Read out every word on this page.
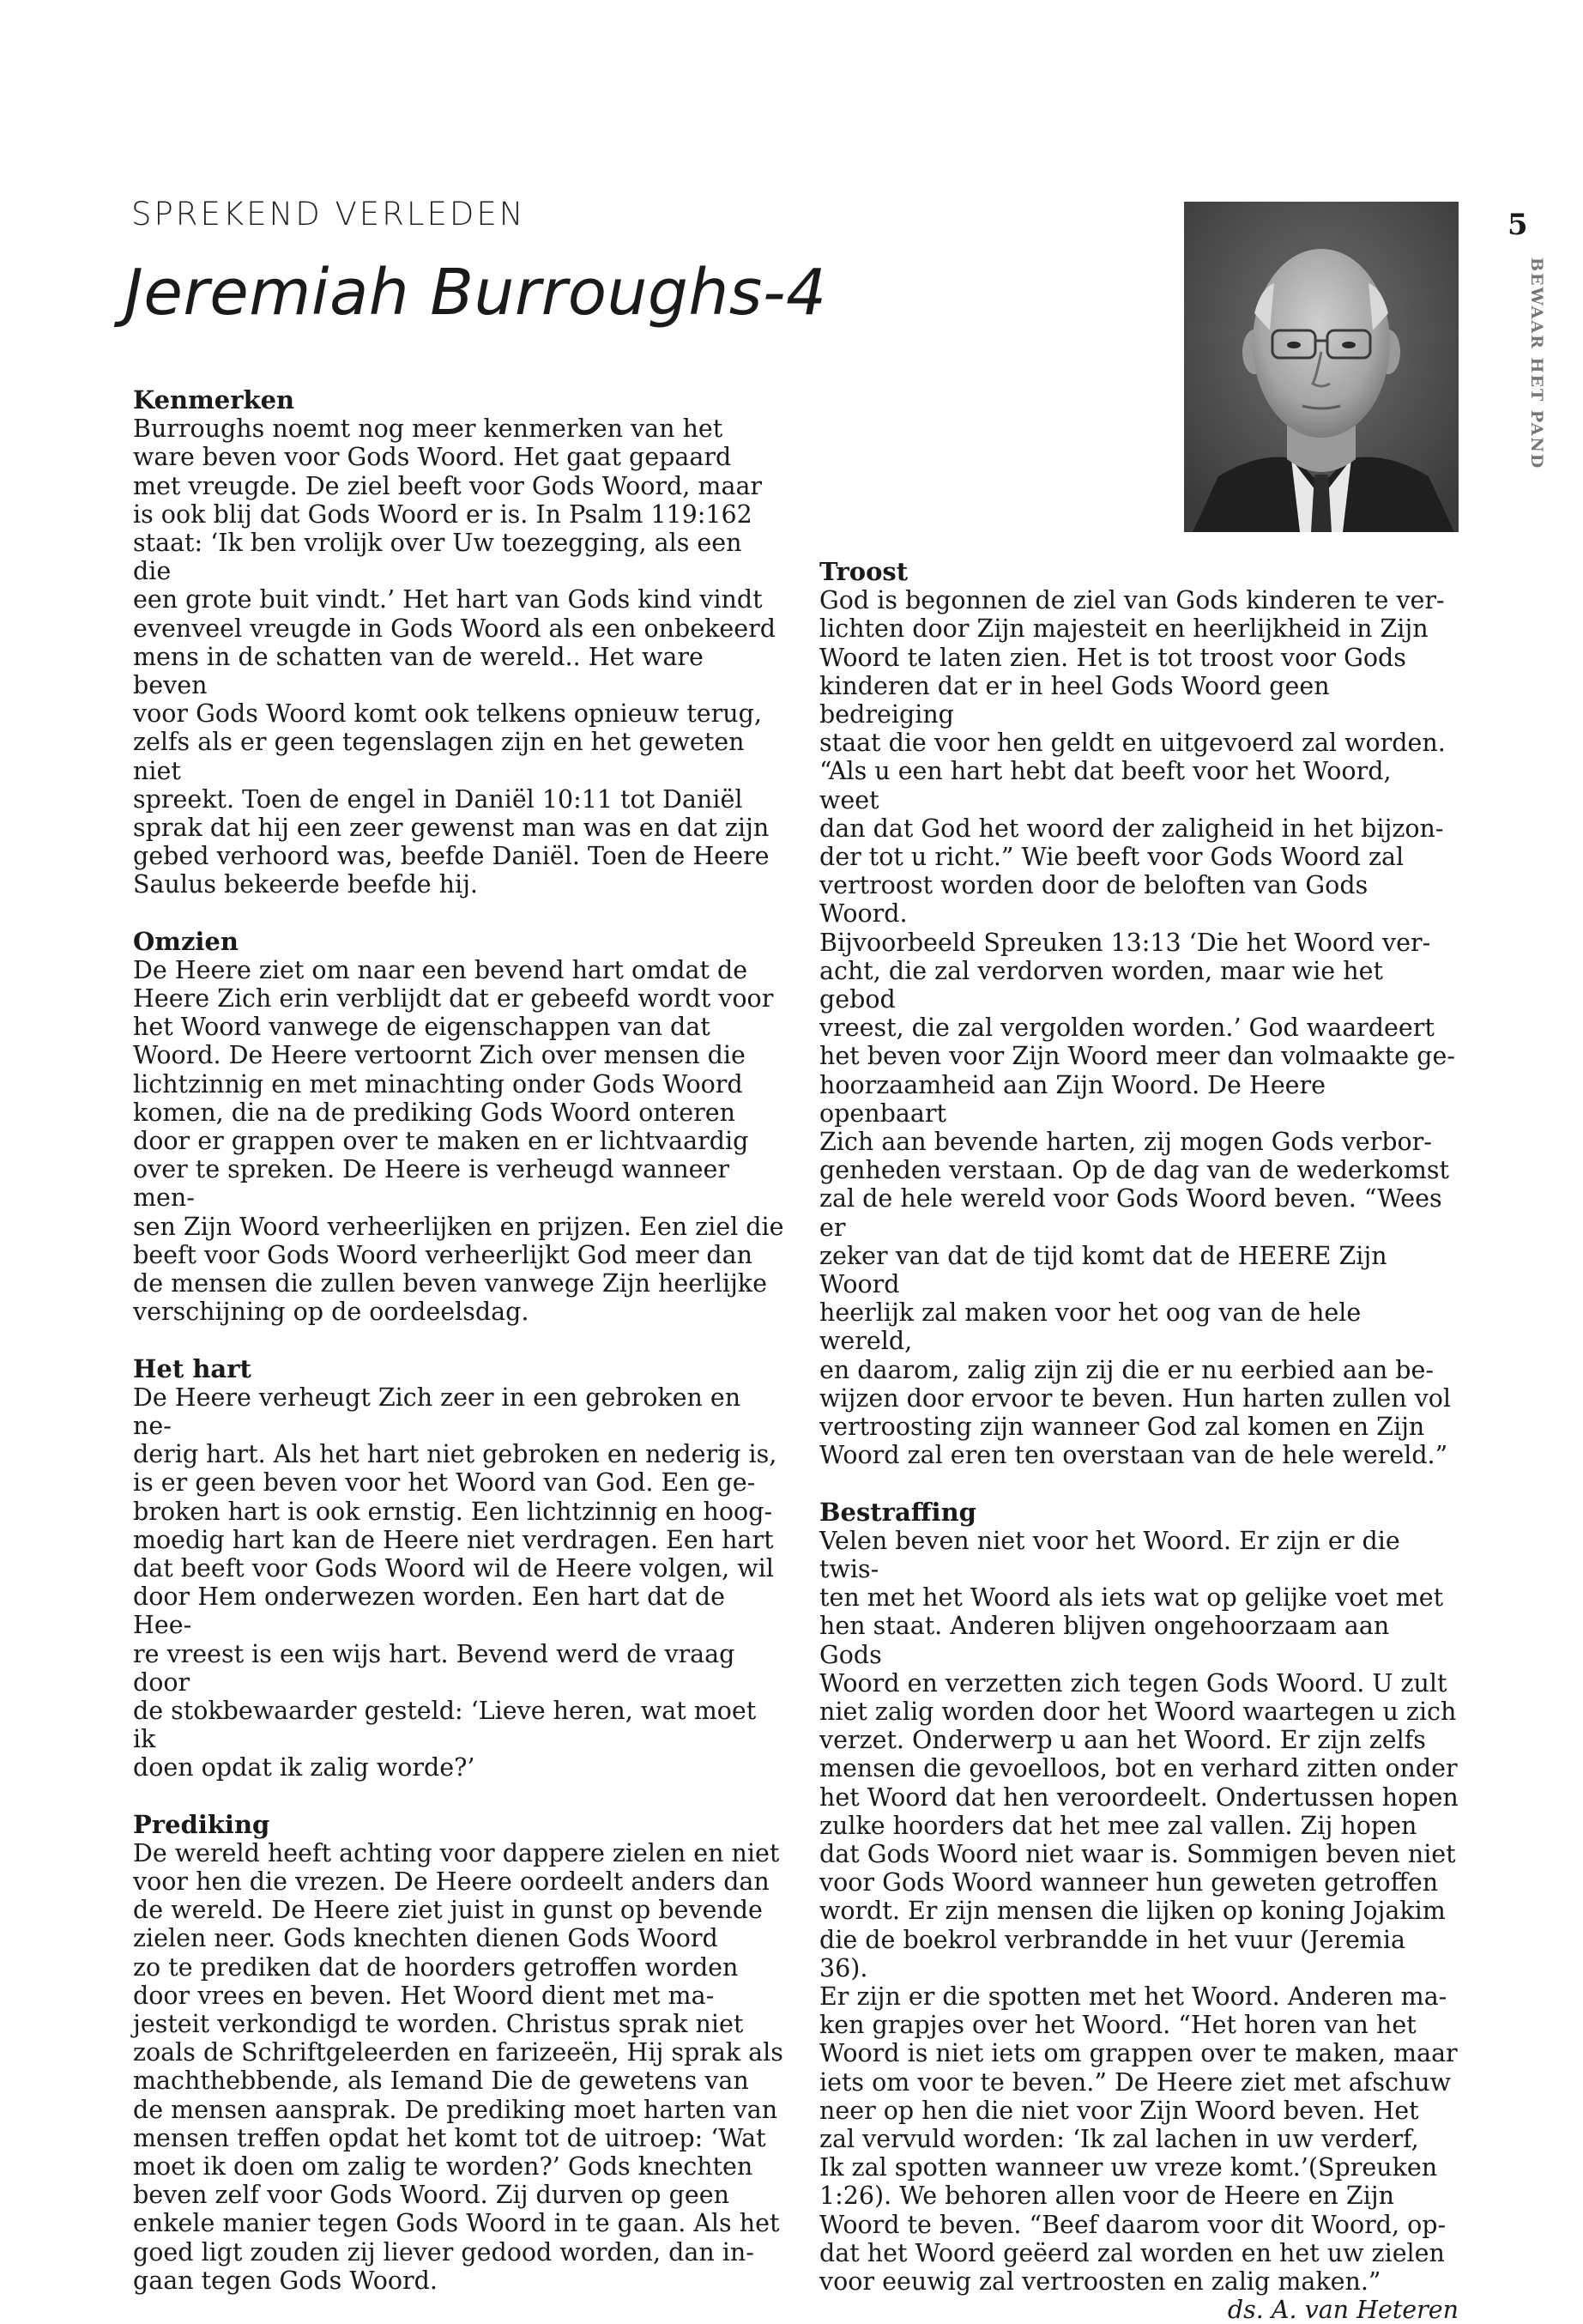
SPREKEND VERLEDEN
Jeremiah Burroughs-4
5
BEWAAR HET PAND
Kenmerken

Burroughs noemt nog meer kenmerken van het
ware beven voor Gods Woord. Het gaat gepaard
met vreugde. De ziel beeft voor Gods Woord, maar
is ook blij dat Gods Woord er is. In Psalm 119:162
staat: ‘Ik ben vrolijk over Uw toezegging, als een die
een grote buit vindt.’ Het hart van Gods kind vindt
evenveel vreugde in Gods Woord als een onbekeerd
mens in de schatten van de wereld.. Het ware beven
voor Gods Woord komt ook telkens opnieuw terug,
zelfs als er geen tegenslagen zijn en het geweten niet
spreekt. Toen de engel in Daniël 10:11 tot Daniël
sprak dat hij een zeer gewenst man was en dat zijn
gebed verhoord was, beefde Daniël. Toen de Heere
Saulus bekeerde beefde hij.

Omzien

De Heere ziet om naar een bevend hart omdat de
Heere Zich erin verblijdt dat er gebeefd wordt voor
het Woord vanwege de eigenschappen van dat
Woord. De Heere vertoornt Zich over mensen die
lichtzinnig en met minachting onder Gods Woord
komen, die na de prediking Gods Woord onteren
door er grappen over te maken en er lichtvaardig
over te spreken. De Heere is verheugd wanneer men-
sen Zijn Woord verheerlijken en prijzen. Een ziel die
beeft voor Gods Woord verheerlijkt God meer dan
de mensen die zullen beven vanwege Zijn heerlijke
verschijning op de oordeelsdag.

Het hart

De Heere verheugt Zich zeer in een gebroken en ne-
derig hart. Als het hart niet gebroken en nederig is,
is er geen beven voor het Woord van God. Een ge-
broken hart is ook ernstig. Een lichtzinnig en hoog-
moedig hart kan de Heere niet verdragen. Een hart
dat beeft voor Gods Woord wil de Heere volgen, wil
door Hem onderwezen worden. Een hart dat de Hee-
re vreest is een wijs hart. Bevend werd de vraag door
de stokbewaarder gesteld: ‘Lieve heren, wat moet ik
doen opdat ik zalig worde?’

Prediking

De wereld heeft achting voor dappere zielen en niet
voor hen die vrezen. De Heere oordeelt anders dan
de wereld. De Heere ziet juist in gunst op bevende
zielen neer. Gods knechten dienen Gods Woord
zo te prediken dat de hoorders getroffen worden
door vrees en beven. Het Woord dient met ma-
jesteit verkondigd te worden. Christus sprak niet
zoals de Schriftgeleerden en farizeeën, Hij sprak als
machthebbende, als Iemand Die de gewetens van
de mensen aansprak. De prediking moet harten van
mensen treffen opdat het komt tot de uitroep: ‘Wat
moet ik doen om zalig te worden?’ Gods knechten
beven zelf voor Gods Woord. Zij durven op geen
enkele manier tegen Gods Woord in te gaan. Als het
goed ligt zouden zij liever gedood worden, dan in-
gaan tegen Gods Woord.

Troost

God is begonnen de ziel van Gods kinderen te ver-
lichten door Zijn majesteit en heerlijkheid in Zijn
Woord te laten zien. Het is tot troost voor Gods
kinderen dat er in heel Gods Woord geen bedreiging
staat die voor hen geldt en uitgevoerd zal worden.
“Als u een hart hebt dat beeft voor het Woord, weet
dan dat God het woord der zaligheid in het bijzon-
der tot u richt.” Wie beeft voor Gods Woord zal
vertroost worden door de beloften van Gods Woord.
Bijvoorbeeld Spreuken 13:13 ‘Die het Woord ver-
acht, die zal verdorven worden, maar wie het gebod
vreest, die zal vergolden worden.’ God waardeert
het beven voor Zijn Woord meer dan volmaakte ge-
hoorzaamheid aan Zijn Woord. De Heere openbaart
Zich aan bevende harten, zij mogen Gods verbor-
genheden verstaan. Op de dag van de wederkomst
zal de hele wereld voor Gods Woord beven. “Wees er
zeker van dat de tijd komt dat de HEERE Zijn Woord
heerlijk zal maken voor het oog van de hele wereld,
en daarom, zalig zijn zij die er nu eerbied aan be-
wijzen door ervoor te beven. Hun harten zullen vol
vertroosting zijn wanneer God zal komen en Zijn
Woord zal eren ten overstaan van de hele wereld.”

Bestraffing

Velen beven niet voor het Woord. Er zijn er die twis-
ten met het Woord als iets wat op gelijke voet met
hen staat. Anderen blijven ongehoorzaam aan Gods
Woord en verzetten zich tegen Gods Woord. U zult
niet zalig worden door het Woord waartegen u zich
verzet. Onderwerp u aan het Woord. Er zijn zelfs
mensen die gevoelloos, bot en verhard zitten onder
het Woord dat hen veroordeelt. Ondertussen hopen
zulke hoorders dat het mee zal vallen. Zij hopen
dat Gods Woord niet waar is. Sommigen beven niet
voor Gods Woord wanneer hun geweten getroffen
wordt. Er zijn mensen die lijken op koning Jojakim
die de boekrol verbrandde in het vuur (Jeremia 36).
Er zijn er die spotten met het Woord. Anderen ma-
ken grapjes over het Woord. “Het horen van het
Woord is niet iets om grappen over te maken, maar
iets om voor te beven.” De Heere ziet met afschuw
neer op hen die niet voor Zijn Woord beven. Het
zal vervuld worden: ‘Ik zal lachen in uw verderf,
Ik zal spotten wanneer uw vreze komt.’(Spreuken
1:26). We behoren allen voor de Heere en Zijn
Woord te beven. “Beef daarom voor dit Woord, op-
dat het Woord geëerd zal worden en het uw zielen
voor eeuwig zal vertroosten en zalig maken.”

ds. A. van Heteren
